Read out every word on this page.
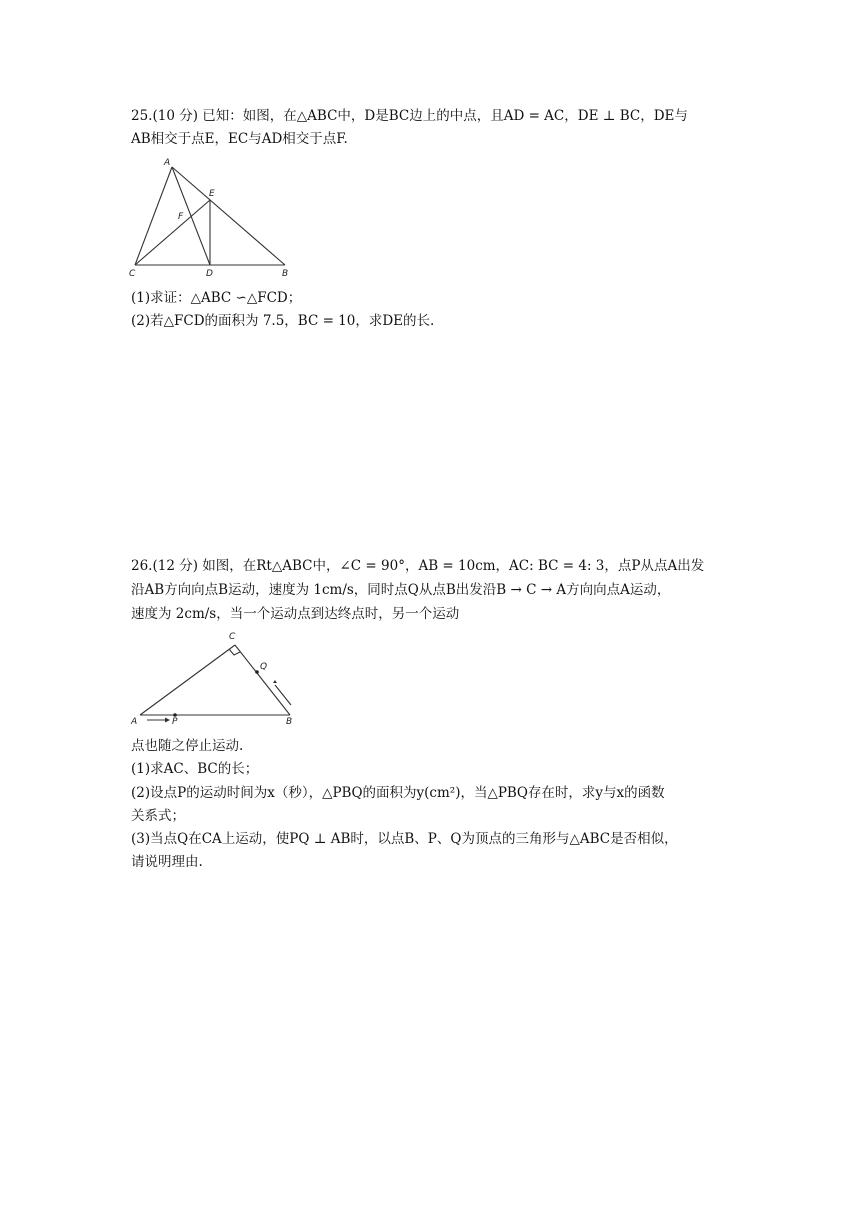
25.(10 分) 已知：如图，在△ABC中，D是BC边上的中点，且AD = AC，DE ⊥ BC，DE与
AB相交于点E，EC与AD相交于点F.
A
E
F
C	D	B
(1)求证：△ABC ∽△FCD；
(2)若△FCD的面积为 7.5，BC = 10，求DE的长.
26.(12 分) 如图，在Rt△ABC中，∠C = 90°，AB = 10cm，AC: BC = 4: 3，点P从点A出发
沿AB方向向点B运动，速度为 1cm/s，同时点Q从点B出发沿B → C → A方向向点A运动，
速度为 2cm/s，当一个运动点到达终点时，另一个运动
C
Q
A	P	B
点也随之停止运动.
(1)求AC、BC的长；
(2)设点P的运动时间为x（秒），△PBQ的面积为y(cm²)，当△PBQ存在时，求y与x的函数
关系式；
(3)当点Q在CA上运动，使PQ ⊥ AB时，以点B、P、Q为顶点的三角形与△ABC是否相似，
请说明理由.
